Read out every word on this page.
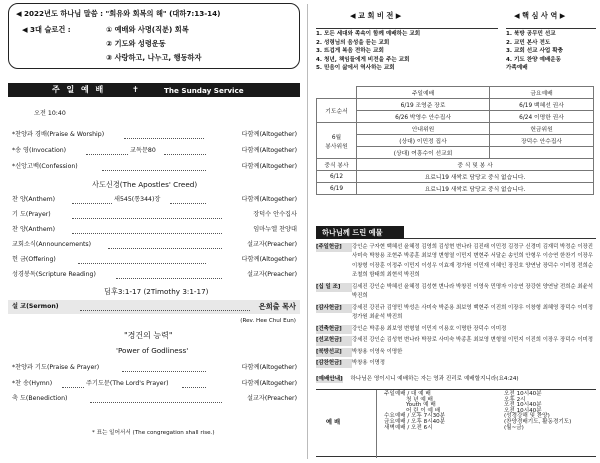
◀ 2022년도 하나님 말씀 : "회유와 회복의 해" (대하7:13-14)
◀ 3대 슬로건 :	① 예배와 사명(직분) 회복
② 기도와 성령운동
③ 사랑하고, 나누고, 행동하자
주 일 예 배	✝	The Sunday Service
오전 10:40
*찬양과 경배(Praise & Worship)	다함께(Altogether)
*송 영(Invocation)	교독문80	다함께(Altogether)
*신앙고백(Confession)	다함께(Altogether)
사도신경(The Apostles' Creed)
찬 양(Anthem)	새545(통344)장	다함께(Altogether)
기 도(Prayer)	장덕수 안수집사
찬 양(Anthem)	임마누엘 찬양대
교회소식(Announcements)	설교자(Preacher)
헌 금(Offering)	다함께(Altogether)
성경봉독(Scripture Reading)	설교자(Preacher)
딤후3:1-17 (2Timothy 3:1-17)
설 교(Sermon)	은희출 목사
(Rev. Hee Chul Eun)
"경건의 능력"
'Power of Godliness'
*찬양과 기도(Praise & Prayer)	다함께(Altogether)
*찬 송(Hymn)	주기도문(The Lord's Prayer)	다함께(Altogether)
축 도(Benediction)	설교자(Preacher)
* 표는 일어서서 (The congregation shall rise.)
◀ 교 회 비 전 ▶
1. 모든 세대와 족속이 함께 예배하는 교회
2. 성령님의 음성을 듣는 교회
3. 뜨겁게 복음 전하는 교회
4. 청년, 책임들에게 비전을 주는 교회
5. 믿음이 삶에서 역사하는 교회
◀ 핵 심 사 역 ▶
1. 북방 공무민 선교
2. 교민 본사 전도
3. 교회 선교 사업 확충
4. 기도 찬양 예배운동
가족예배
	주일예배	금요예배
기도순서	6/19 조영준 장로	6/19 백혜선 권사
	6/26 박영수 안수집사	6/24 이명한 권사
6월
봉사위원	안내위원	헌금위원
	(상대) 이민정 집사	장덕수 안수집사
	(상대) 여흥수이 선교회	
중식 봉사	중 식 및 봉 사	
6/12	요료니19 새싹로 담당교 중식 없습니다.	
6/19	요료니19 새싹로 담당교 중식 없습니다.	
하나님께 드린 예물
[주일헌금]	강인순 구자현 백혜선 윤혜정 김영희 김성현 변나라 김진래 이민정 김정구 신경미 김재덕 박정순 이장진 사미숙 박창용 조현주 박종훈 최보영 변형열 이민지 변현주 서달순 송인희 안형우 이승연 한찬기 이장우 이창형 이장훈 이정주 이민지 이성우 이효재 정가원 이민재 이혜인 장진호 양연남 장덕수 이미정 전희순 조철희 함태희 최현석 박진희
[십 일 조]	김세진 강인순 박혜선 윤혜정 김성현 변나라 박창진 이영욱 민명자 이승연 장강헌 양연남 전희순 최윤석 박진희
[감사헌금]	강세진 강진규 김영민 박성은 사미숙 박준용 최보영 백현주 이진희 이장우 이창형 최혜영 장덕수 이미정 정가원 최윤석 박진희
[건축헌금]	강인순 박종용 최보영 변형열 이민지 이용호 이명한 장덕수 이미정
[선교헌금]	강세진 강인순 김성현 변나라 박장로 사미숙 박종훈 최보영 변형열 이민지 이진희 이장우 장덕수 이미정
[북방선교]	박창용 이영욱 이명한
[감찬헌금]	박창용 이명정
[예배안내] 하나님은 영이시니 예배하는 자는 영과 진리로 예배할지니라(요4:24)
예 배
주일예배 / 대 예 배	오전 10시40분
청 년 예 배	오후 2시
Youth 예 배	오전 10시40분
어 린 이 예 배	오전 10시40분
수요예배 / 오후 7시30분	(성경강해 및 찬양)
금요예배 / 오후 8시40분	(찬양경배기도, 활동경기도)
새벽예배 / 오전 6시	(월~금)
